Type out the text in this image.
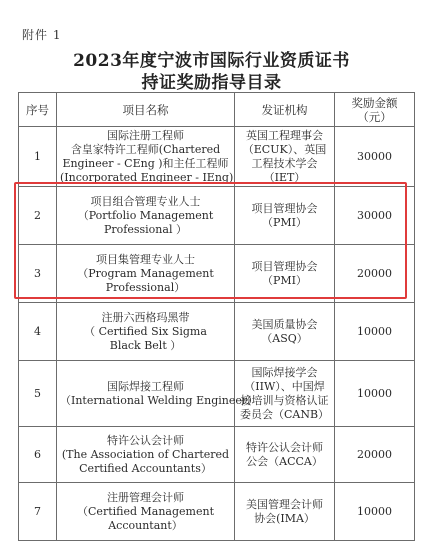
附件 1
2023年度宁波市国际行业资质证书
持证奖励指导目录
序号	项目名称	发证机构	奖励金额（元）
1	国际注册工程师
含皇家特许工程师(Chartered
Engineer - CEng )和主任工程师
(Incorporated Engineer - IEng)	英国工程理事会
（ECUK）、英国
工程技术学会
（IET）	30000
2	项目组合管理专业人士
（Portfolio Management
Professional ）	项目管理协会
（PMI）	30000
3	项目集管理专业人士
（Program Management
Professional）	项目管理协会
（PMI）	20000
4	注册六西格玛黑带
（ Certified Six Sigma
Black Belt ）	美国质量协会
（ASQ）	10000
5	国际焊接工程师
（International Welding Engineer）	国际焊接学会
（IIW）、中国焊
接培训与资格认证
委员会（CANB）	10000
6	特许公认会计师
(The Association of Chartered
Certified Accountants）	特许公认会计师
公会（ACCA）	20000
7	注册管理会计师
（Certified Management
Accountant）	美国管理会计师
协会(IMA）	10000
